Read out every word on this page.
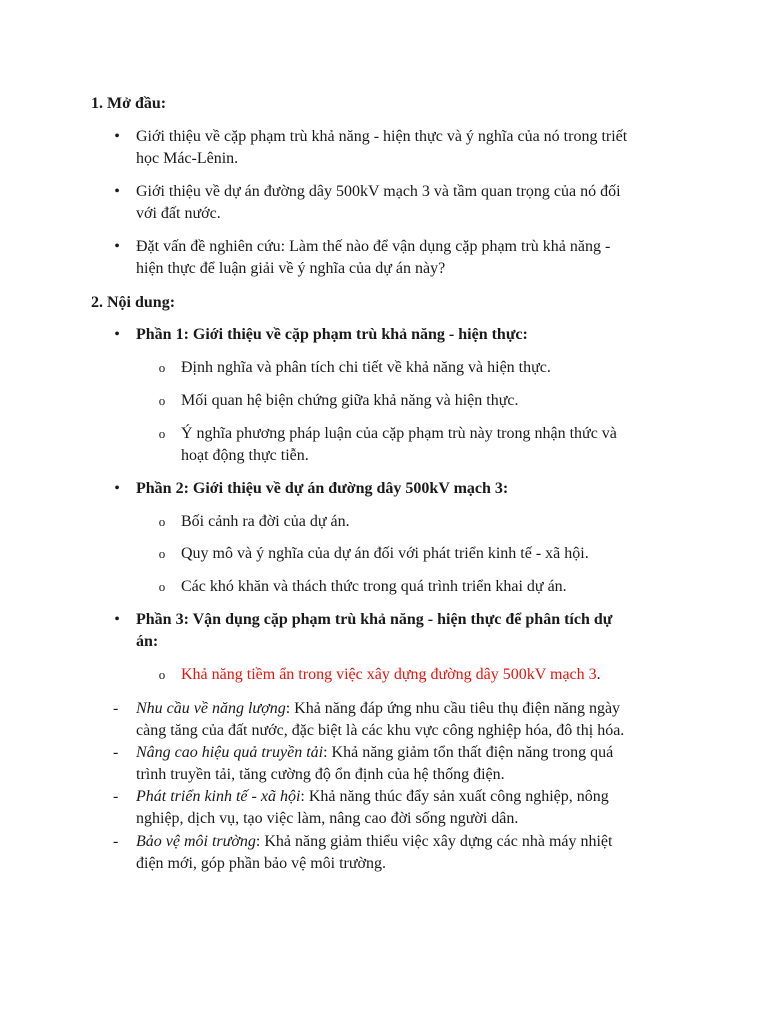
1. Mở đầu:
• Giới thiệu về cặp phạm trù khả năng - hiện thực và ý nghĩa của nó trong triết
học Mác-Lênin.
• Giới thiệu về dự án đường dây 500kV mạch 3 và tầm quan trọng của nó đối
với đất nước.
• Đặt vấn đề nghiên cứu: Làm thế nào để vận dụng cặp phạm trù khả năng -
hiện thực để luận giải về ý nghĩa của dự án này?
2. Nội dung:
• Phần 1: Giới thiệu về cặp phạm trù khả năng - hiện thực:
o Định nghĩa và phân tích chi tiết về khả năng và hiện thực.
o Mối quan hệ biện chứng giữa khả năng và hiện thực.
o Ý nghĩa phương pháp luận của cặp phạm trù này trong nhận thức và
hoạt động thực tiễn.
• Phần 2: Giới thiệu về dự án đường dây 500kV mạch 3:
o Bối cảnh ra đời của dự án.
o Quy mô và ý nghĩa của dự án đối với phát triển kinh tế - xã hội.
o Các khó khăn và thách thức trong quá trình triển khai dự án.
• Phần 3: Vận dụng cặp phạm trù khả năng - hiện thực để phân tích dự
án:
o Khả năng tiềm ẩn trong việc xây dựng đường dây 500kV mạch 3.
- Nhu cầu về năng lượng: Khả năng đáp ứng nhu cầu tiêu thụ điện năng ngày
càng tăng của đất nước, đặc biệt là các khu vực công nghiệp hóa, đô thị hóa.
- Nâng cao hiệu quả truyền tải: Khả năng giảm tổn thất điện năng trong quá
trình truyền tải, tăng cường độ ổn định của hệ thống điện.
- Phát triển kinh tế - xã hội: Khả năng thúc đẩy sản xuất công nghiệp, nông
nghiệp, dịch vụ, tạo việc làm, nâng cao đời sống người dân.
- Bảo vệ môi trường: Khả năng giảm thiểu việc xây dựng các nhà máy nhiệt
điện mới, góp phần bảo vệ môi trường.
